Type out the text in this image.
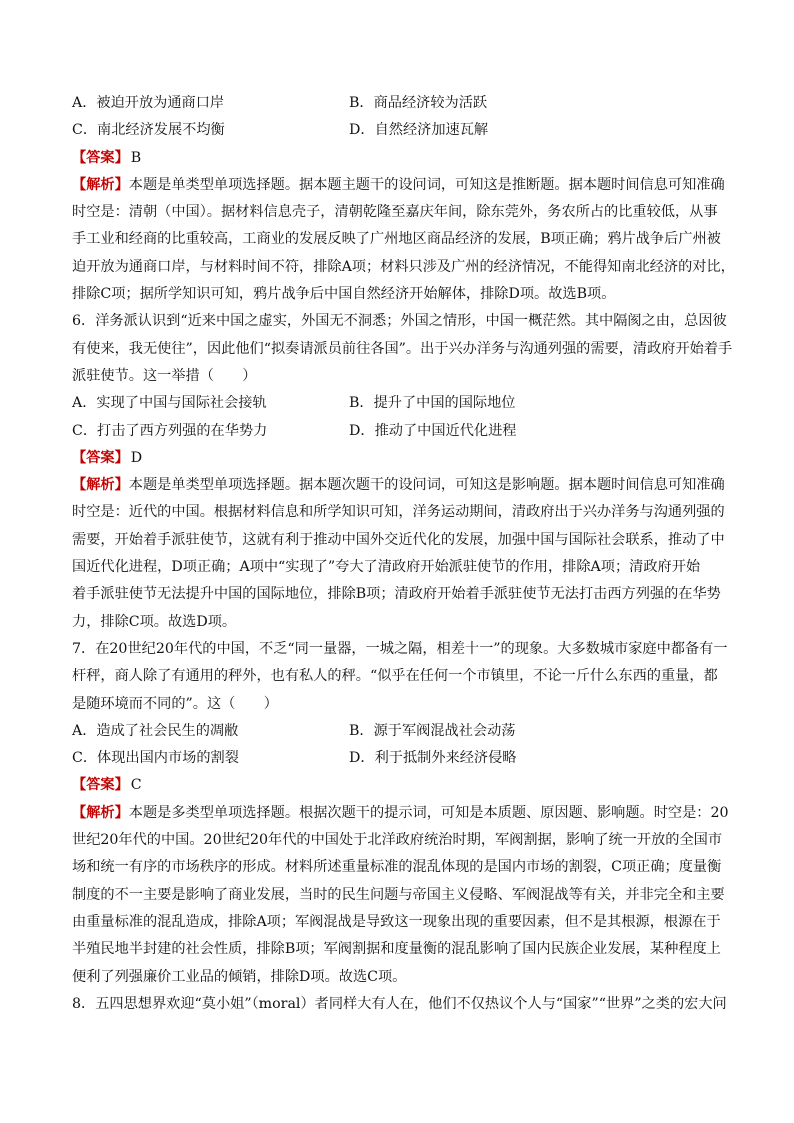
A．被迫开放为通商口岸	B．商品经济较为活跃
C．南北经济发展不均衡	D．自然经济加速瓦解
【答案】 B
【解析】本题是单类型单项选择题。据本题主题干的设问词，可知这是推断题。据本题时间信息可知准确
时空是：清朝（中国）。据材料信息壳子，清朝乾隆至嘉庆年间，除东莞外，务农所占的比重较低，从事
手工业和经商的比重较高，工商业的发展反映了广州地区商品经济的发展，B项正确；鸦片战争后广州被
迫开放为通商口岸，与材料时间不符，排除A项；材料只涉及广州的经济情况，不能得知南北经济的对比，
排除C项；据所学知识可知，鸦片战争后中国自然经济开始解体，排除D项。故选B项。
6．洋务派认识到“近来中国之虚实，外国无不洞悉；外国之情形，中国一概茫然。其中隔阂之由，总因彼
有使来，我无使往”，因此他们“拟奏请派员前往各国”。出于兴办洋务与沟通列强的需要，清政府开始着手
派驻使节。这一举措（　　）
A．实现了中国与国际社会接轨	B．提升了中国的国际地位
C．打击了西方列强的在华势力	D．推动了中国近代化进程
【答案】 D
【解析】本题是单类型单项选择题。据本题次题干的设问词，可知这是影响题。据本题时间信息可知准确
时空是：近代的中国。根据材料信息和所学知识可知，洋务运动期间，清政府出于兴办洋务与沟通列强的
需要，开始着手派驻使节，这就有利于推动中国外交近代化的发展，加强中国与国际社会联系，推动了中
国近代化进程，D项正确；A项中“实现了”夸大了清政府开始派驻使节的作用，排除A项；清政府开始
着手派驻使节无法提升中国的国际地位，排除B项；清政府开始着手派驻使节无法打击西方列强的在华势
力，排除C项。故选D项。
7．在20世纪20年代的中国，不乏“同一量器，一城之隔，相差十一”的现象。大多数城市家庭中都备有一
杆秤，商人除了有通用的秤外，也有私人的秤。“似乎在任何一个市镇里，不论一斤什么东西的重量，都
是随环境而不同的”。这（　　）
A．造成了社会民生的凋敝	B．源于军阀混战社会动荡
C．体现出国内市场的割裂	D．利于抵制外来经济侵略
【答案】 C
【解析】本题是多类型单项选择题。根据次题干的提示词，可知是本质题、原因题、影响题。时空是：20
世纪20年代的中国。20世纪20年代的中国处于北洋政府统治时期，军阀割据，影响了统一开放的全国市
场和统一有序的市场秩序的形成。材料所述重量标准的混乱体现的是国内市场的割裂，C项正确；度量衡
制度的不一主要是影响了商业发展，当时的民生问题与帝国主义侵略、军阀混战等有关，并非完全和主要
由重量标准的混乱造成，排除A项；军阀混战是导致这一现象出现的重要因素，但不是其根源，根源在于
半殖民地半封建的社会性质，排除B项；军阀割据和度量衡的混乱影响了国内民族企业发展，某种程度上
便利了列强廉价工业品的倾销，排除D项。故选C项。
8．五四思想界欢迎“莫小姐”（moral）者同样大有人在，他们不仅热议个人与“国家”“世界”之类的宏大问
